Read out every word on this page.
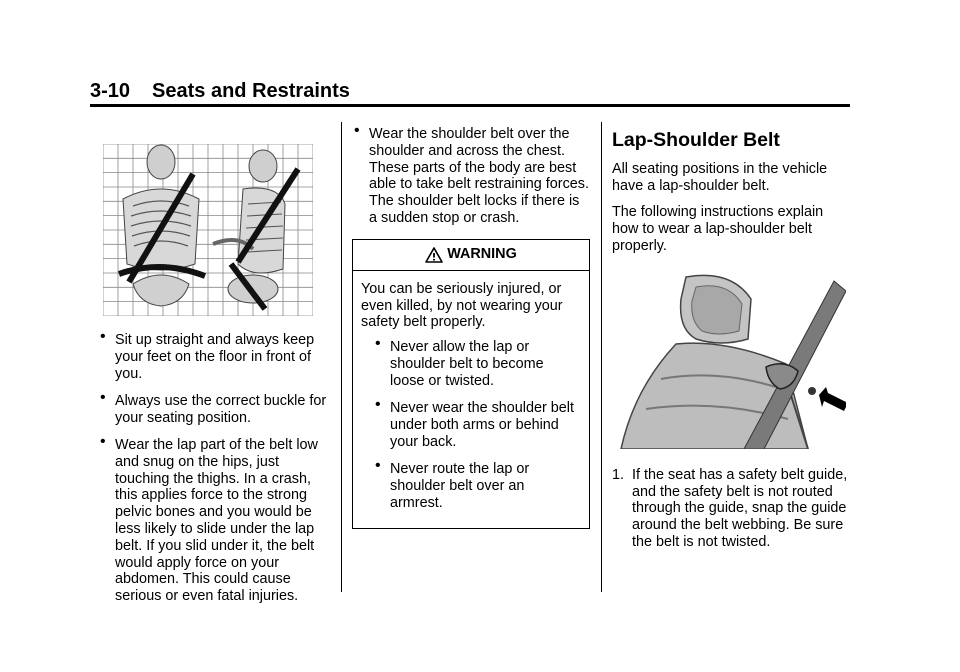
3-10 Seats and Restraints
• Sit up straight and always keep your feet on the floor in front of you.
• Always use the correct buckle for your seating position.
• Wear the lap part of the belt low and snug on the hips, just touching the thighs. In a crash, this applies force to the strong pelvic bones and you would be less likely to slide under the lap belt. If you slid under it, the belt would apply force on your abdomen. This could cause serious or even fatal injuries.
• Wear the shoulder belt over the shoulder and across the chest. These parts of the body are best able to take belt restraining forces. The shoulder belt locks if there is a sudden stop or crash.
WARNING

You can be seriously injured, or even killed, by not wearing your safety belt properly.

• Never allow the lap or shoulder belt to become loose or twisted.
• Never wear the shoulder belt under both arms or behind your back.
• Never route the lap or shoulder belt over an armrest.
Lap-Shoulder Belt

All seating positions in the vehicle have a lap-shoulder belt.

The following instructions explain how to wear a lap-shoulder belt properly.

1. If the seat has a safety belt guide, and the safety belt is not routed through the guide, snap the guide around the belt webbing. Be sure the belt is not twisted.
